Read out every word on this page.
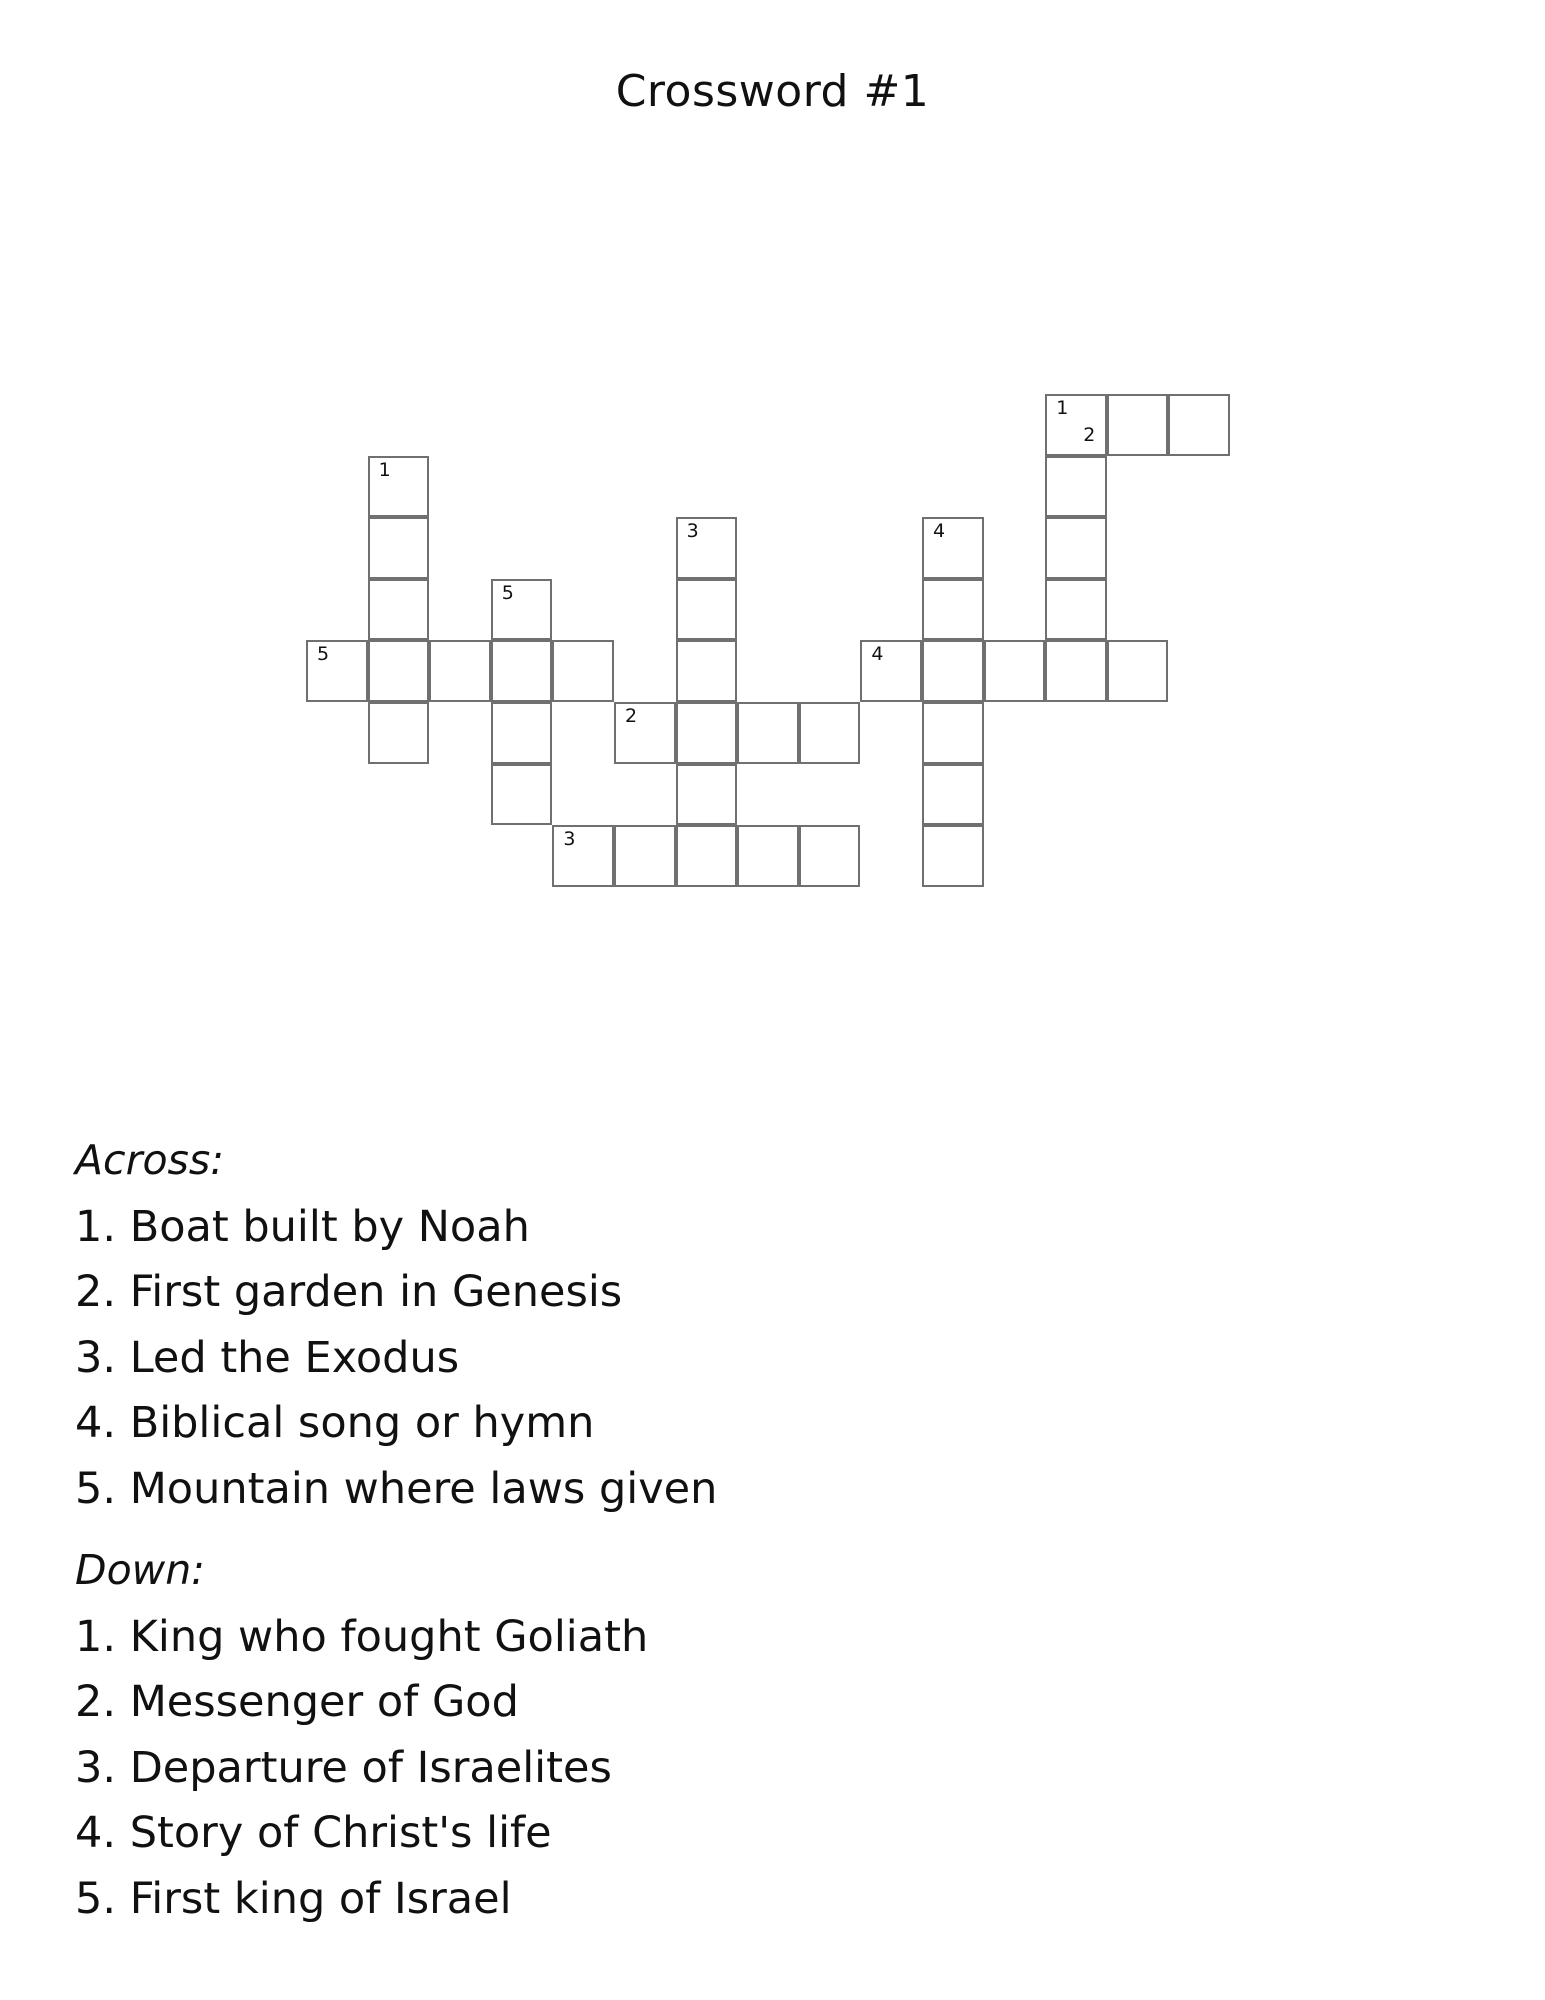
Crossword #1
1
2
1
3	4
5
5	4
2
3
Across:
1. Boat built by Noah
2. First garden in Genesis
3. Led the Exodus
4. Biblical song or hymn
5. Mountain where laws given
Down:
1. King who fought Goliath
2. Messenger of God
3. Departure of Israelites
4. Story of Christ's life
5. First king of Israel
